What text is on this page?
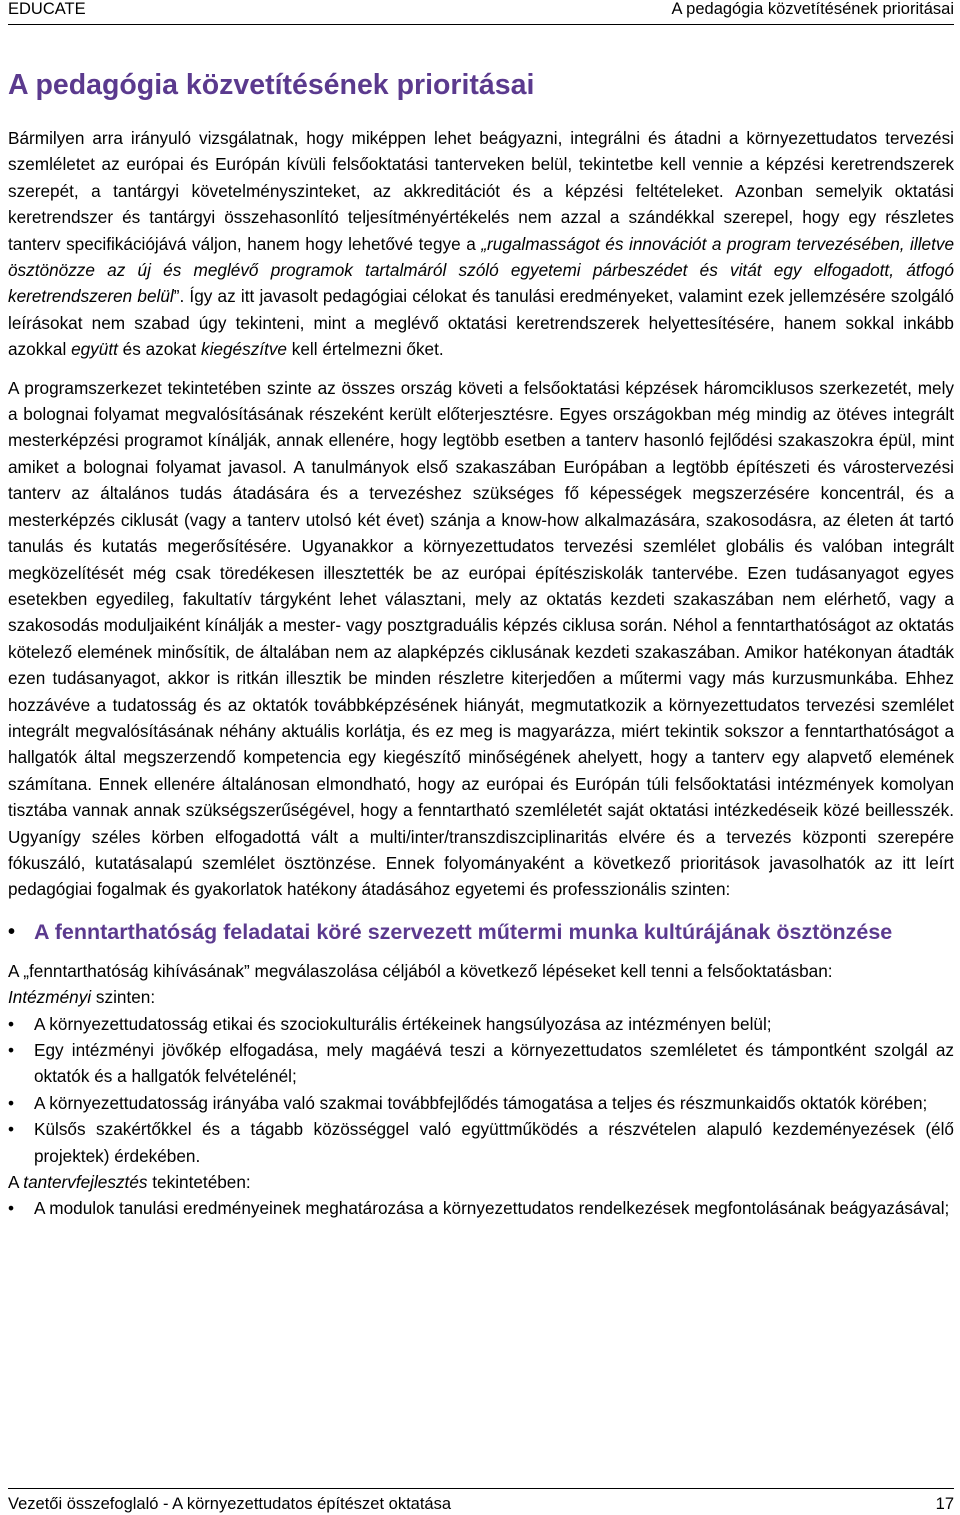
EDUCATE	A pedagógia közvetítésének prioritásai
A pedagógia közvetítésének prioritásai

Bármilyen arra irányuló vizsgálatnak, hogy miképpen lehet beágyazni, integrálni és átadni a környezettudatos tervezési szemléletet az európai és Európán kívüli felsőoktatási tanterveken belül, tekintetbe kell vennie a képzési keretrendszerek szerepét, a tantárgyi követelményszinteket, az akkreditációt és a képzési feltételeket. Azonban semelyik oktatási keretrendszer és tantárgyi összehasonlító teljesítményértékelés nem azzal a szándékkal szerepel, hogy egy részletes tanterv specifikációjává váljon, hanem hogy lehetővé tegye a „rugalmasságot és innovációt a program tervezésében, illetve ösztönözze az új és meglévő programok tartalmáról szóló egyetemi párbeszédet és vitát egy elfogadott, átfogó keretrendszeren belül”. Így az itt javasolt pedagógiai célokat és tanulási eredményeket, valamint ezek jellemzésére szolgáló leírásokat nem szabad úgy tekinteni, mint a meglévő oktatási keretrendszerek helyettesítésére, hanem sokkal inkább azokkal együtt és azokat kiegészítve kell értelmezni őket.

A programszerkezet tekintetében szinte az összes ország követi a felsőoktatási képzések háromciklusos szerkezetét, mely a bolognai folyamat megvalósításának részeként került előterjesztésre. Egyes országokban még mindig az ötéves integrált mesterképzési programot kínálják, annak ellenére, hogy legtöbb esetben a tanterv hasonló fejlődési szakaszokra épül, mint amiket a bolognai folyamat javasol. A tanulmányok első szakaszában Európában a legtöbb építészeti és várostervezési tanterv az általános tudás átadására és a tervezéshez szükséges fő képességek megszerzésére koncentrál, és a mesterképzés ciklusát (vagy a tanterv utolsó két évet) szánja a know-how alkalmazására, szakosodásra, az életen át tartó tanulás és kutatás megerősítésére. Ugyanakkor a környezettudatos tervezési szemlélet globális és valóban integrált megközelítését még csak töredékesen illesztették be az európai építésziskolák tantervébe. Ezen tudásanyagot egyes esetekben egyedileg, fakultatív tárgyként lehet választani, mely az oktatás kezdeti szakaszában nem elérhető, vagy a szakosodás moduljaiként kínálják a mester- vagy posztgraduális képzés ciklusa során. Néhol a fenntarthatóságot az oktatás kötelező elemének minősítik, de általában nem az alapképzés ciklusának kezdeti szakaszában. Amikor hatékonyan átadták ezen tudásanyagot, akkor is ritkán illesztik be minden részletre kiterjedően a műtermi vagy más kurzusmunkába. Ehhez hozzávéve a tudatosság és az oktatók továbbképzésének hiányát, megmutatkozik a környezettudatos tervezési szemlélet integrált megvalósításának néhány aktuális korlátja, és ez meg is magyarázza, miért tekintik sokszor a fenntarthatóságot a hallgatók által megszerzendő kompetencia egy kiegészítő minőségének ahelyett, hogy a tanterv egy alapvető elemének számítana. Ennek ellenére általánosan elmondható, hogy az európai és Európán túli felsőoktatási intézmények komolyan tisztába vannak annak szükségszerűségével, hogy a fenntartható szemléletét saját oktatási intézkedéseik közé beillesszék. Ugyanígy széles körben elfogadottá vált a multi/inter/transzdiszciplinaritás elvére és a tervezés központi szerepére fókuszáló, kutatásalapú szemlélet ösztönzése. Ennek folyományaként a következő prioritások javasolhatók az itt leírt pedagógiai fogalmak és gyakorlatok hatékony átadásához egyetemi és professzionális szinten:

• A fenntarthatóság feladatai köré szervezett műtermi munka kultúrájának ösztönzése

A „fenntarthatóság kihívásának” megválaszolása céljából a következő lépéseket kell tenni a felsőoktatásban:

Intézményi szinten:

• A környezettudatosság etikai és szociokulturális értékeinek hangsúlyozása az intézményen belül;
• Egy intézményi jövőkép elfogadása, mely magáévá teszi a környezettudatos szemléletet és támpontként szolgál az oktatók és a hallgatók felvételénél;
• A környezettudatosság irányába való szakmai továbbfejlődés támogatása a teljes és részmunkaidős oktatók körében;
• Külsős szakértőkkel és a tágabb közösséggel való együttműködés a részvételen alapuló kezdeményezések (élő projektek) érdekében.

A tantervfejlesztés tekintetében:

• A modulok tanulási eredményeinek meghatározása a környezettudatos rendelkezések megfontolásának beágyazásával;
Vezetői összefoglaló - A környezettudatos építészet oktatása	17
